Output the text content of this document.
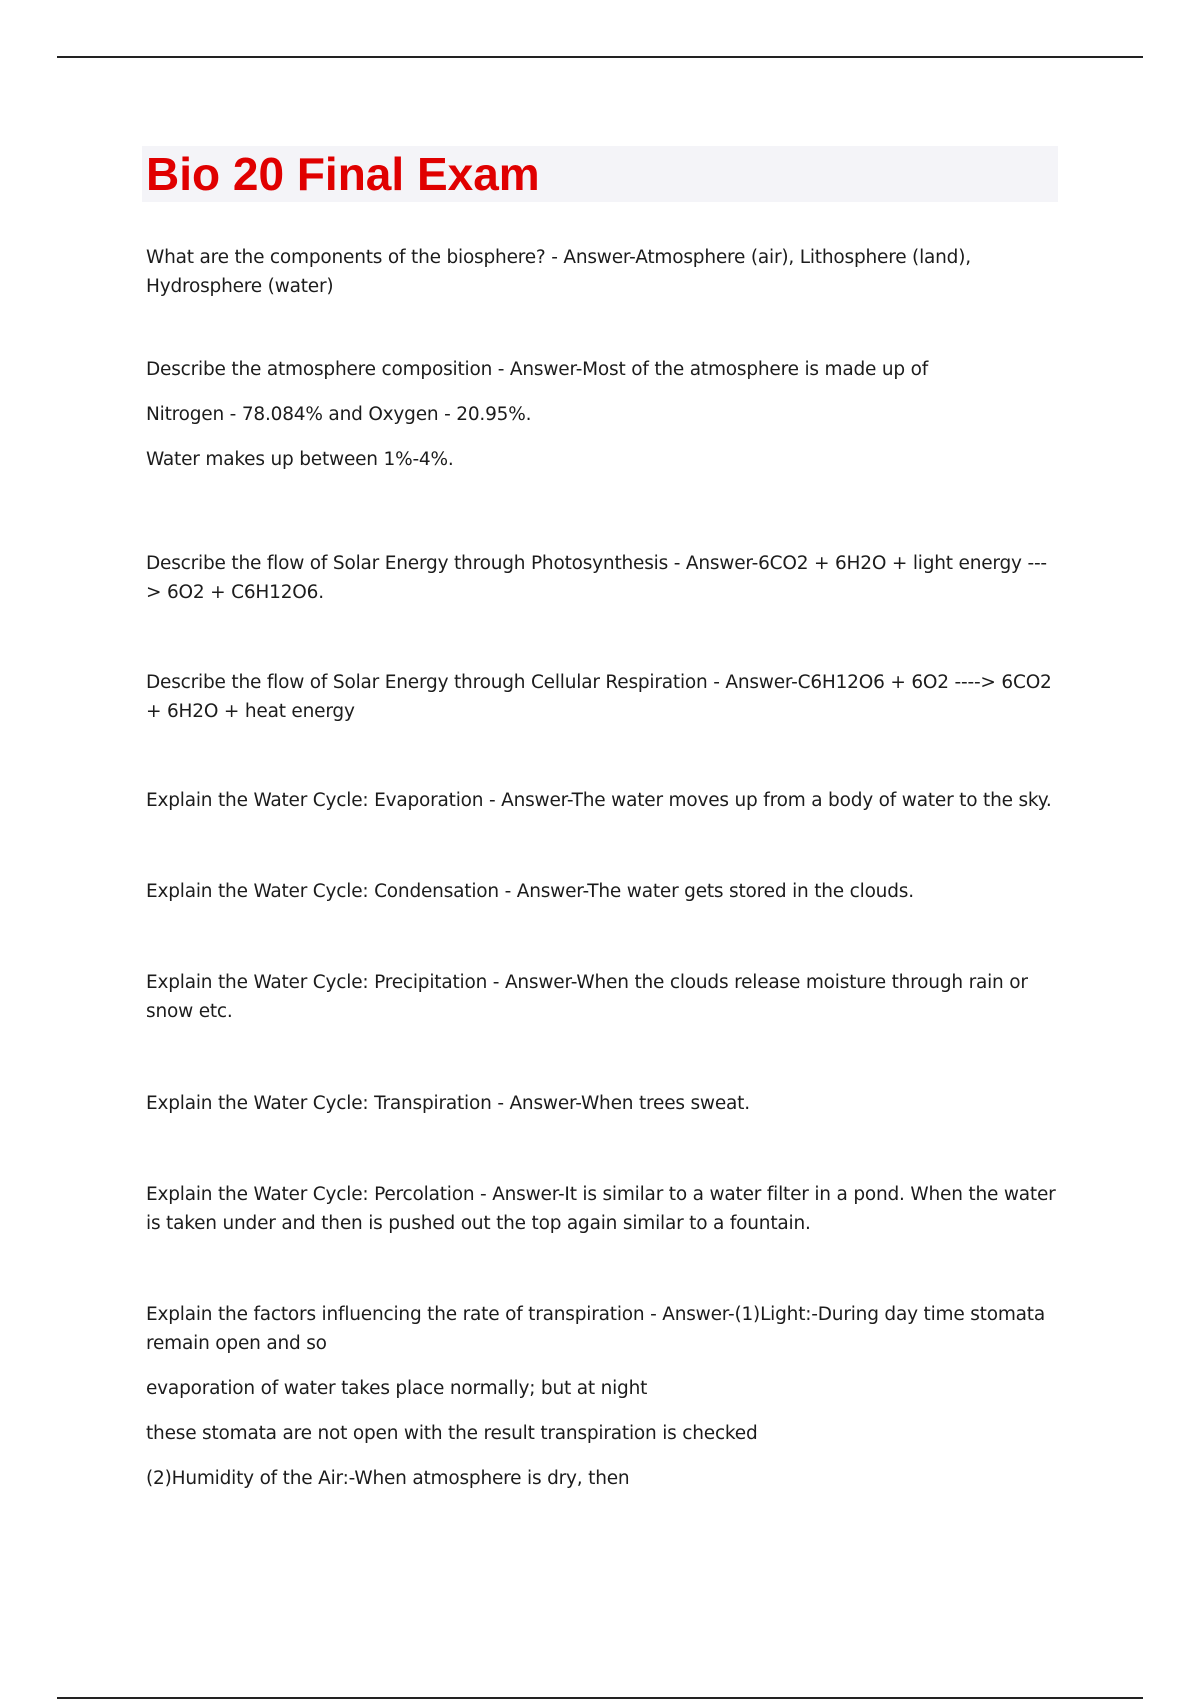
Bio 20 Final Exam

What are the components of the biosphere? - Answer-Atmosphere (air), Lithosphere (land), Hydrosphere (water)

Describe the atmosphere composition - Answer-Most of the atmosphere is made up of

Nitrogen - 78.084% and Oxygen - 20.95%.

Water makes up between 1%-4%.

Describe the flow of Solar Energy through Photosynthesis - Answer-6CO2 + 6H2O + light energy ---> 6O2 + C6H12O6.

Describe the flow of Solar Energy through Cellular Respiration - Answer-C6H12O6 + 6O2 ----> 6CO2 + 6H2O + heat energy

Explain the Water Cycle: Evaporation - Answer-The water moves up from a body of water to the sky.

Explain the Water Cycle: Condensation - Answer-The water gets stored in the clouds.

Explain the Water Cycle: Precipitation - Answer-When the clouds release moisture through rain or snow etc.

Explain the Water Cycle: Transpiration - Answer-When trees sweat.

Explain the Water Cycle: Percolation - Answer-It is similar to a water filter in a pond. When the water is taken under and then is pushed out the top again similar to a fountain.

Explain the factors influencing the rate of transpiration - Answer-(1)Light:-During day time stomata remain open and so

evaporation of water takes place normally; but at night

these stomata are not open with the result transpiration is checked

(2)Humidity of the Air:-When atmosphere is dry, then
